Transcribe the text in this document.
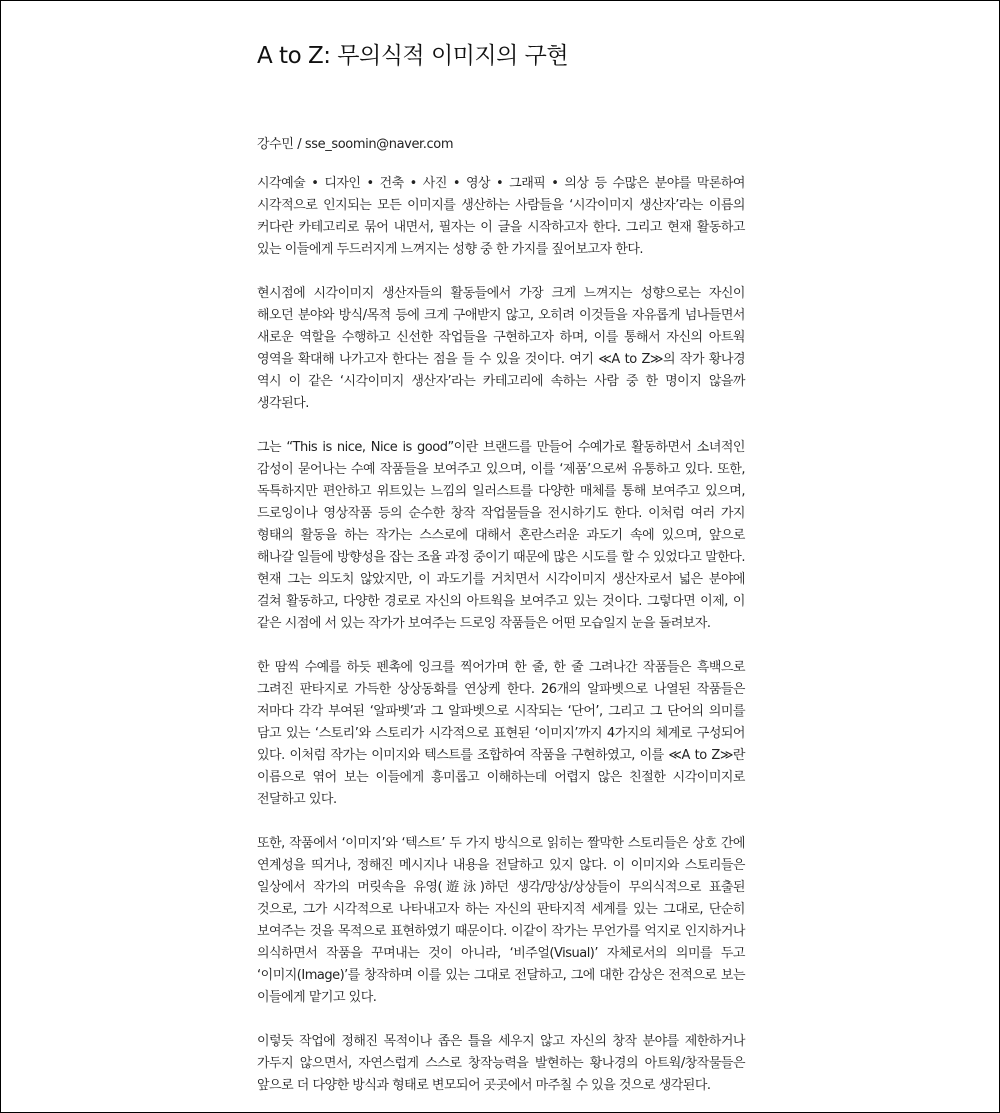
A to Z: 무의식적 이미지의 구현

강수민 / sse_soomin@naver.com

시각예술 • 디자인 • 건축 • 사진 • 영상 • 그래픽 • 의상 등 수많은 분야를 막론하여 시각적으로 인지되는 모든 이미지를 생산하는 사람들을 ‘시각이미지 생산자’라는 이름의 커다란 카테고리로 묶어 내면서, 필자는 이 글을 시작하고자 한다. 그리고 현재 활동하고 있는 이들에게 두드러지게 느껴지는 성향 중 한 가지를 짚어보고자 한다.

현시점에 시각이미지 생산자들의 활동들에서 가장 크게 느껴지는 성향으로는 자신이 해오던 분야와 방식/목적 등에 크게 구애받지 않고, 오히려 이것들을 자유롭게 넘나들면서 새로운 역할을 수행하고 신선한 작업들을 구현하고자 하며, 이를 통해서 자신의 아트웍 영역을 확대해 나가고자 한다는 점을 들 수 있을 것이다. 여기 ≪A to Z≫의 작가 황나경 역시 이 같은 ‘시각이미지 생산자’라는 카테고리에 속하는 사람 중 한 명이지 않을까 생각된다.

그는 “This is nice, Nice is good”이란 브랜드를 만들어 수예가로 활동하면서 소녀적인 감성이 묻어나는 수예 작품들을 보여주고 있으며, 이를 ‘제품’으로써 유통하고 있다. 또한, 독특하지만 편안하고 위트있는 느낌의 일러스트를 다양한 매체를 통해 보여주고 있으며, 드로잉이나 영상작품 등의 순수한 창작 작업물들을 전시하기도 한다. 이처럼 여러 가지 형태의 활동을 하는 작가는 스스로에 대해서 혼란스러운 과도기 속에 있으며, 앞으로 해나갈 일들에 방향성을 잡는 조율 과정 중이기 때문에 많은 시도를 할 수 있었다고 말한다. 현재 그는 의도치 않았지만, 이 과도기를 거치면서 시각이미지 생산자로서 넓은 분야에 걸쳐 활동하고, 다양한 경로로 자신의 아트웍을 보여주고 있는 것이다. 그렇다면 이제, 이 같은 시점에 서 있는 작가가 보여주는 드로잉 작품들은 어떤 모습일지 눈을 돌려보자.

한 땀씩 수예를 하듯 펜촉에 잉크를 찍어가며 한 줄, 한 줄 그려나간 작품들은 흑백으로 그려진 판타지로 가득한 상상동화를 연상케 한다. 26개의 알파벳으로 나열된 작품들은 저마다 각각 부여된 ‘알파벳’과 그 알파벳으로 시작되는 ‘단어’, 그리고 그 단어의 의미를 담고 있는 ‘스토리’와 스토리가 시각적으로 표현된 ‘이미지’까지 4가지의 체계로 구성되어 있다. 이처럼 작가는 이미지와 텍스트를 조합하여 작품을 구현하였고, 이를 ≪A to Z≫란 이름으로 엮어 보는 이들에게 흥미롭고 이해하는데 어렵지 않은 친절한 시각이미지로 전달하고 있다.

또한, 작품에서 ‘이미지’와 ‘텍스트’ 두 가지 방식으로 읽히는 짤막한 스토리들은 상호 간에 연계성을 띄거나, 정해진 메시지나 내용을 전달하고 있지 않다. 이 이미지와 스토리들은 일상에서 작가의 머릿속을 유영(遊泳)하던 생각/망상/상상들이 무의식적으로 표출된 것으로, 그가 시각적으로 나타내고자 하는 자신의 판타지적 세계를 있는 그대로, 단순히 보여주는 것을 목적으로 표현하였기 때문이다. 이같이 작가는 무언가를 억지로 인지하거나 의식하면서 작품을 꾸며내는 것이 아니라, ‘비주얼(Visual)’ 자체로서의 의미를 두고 ‘이미지(Image)’를 창작하며 이를 있는 그대로 전달하고, 그에 대한 감상은 전적으로 보는 이들에게 맡기고 있다.

이렇듯 작업에 정해진 목적이나 좁은 틀을 세우지 않고 자신의 창작 분야를 제한하거나 가두지 않으면서, 자연스럽게 스스로 창작능력을 발현하는 황나경의 아트웍/창작물들은 앞으로 더 다양한 방식과 형태로 변모되어 곳곳에서 마주칠 수 있을 것으로 생각된다.
